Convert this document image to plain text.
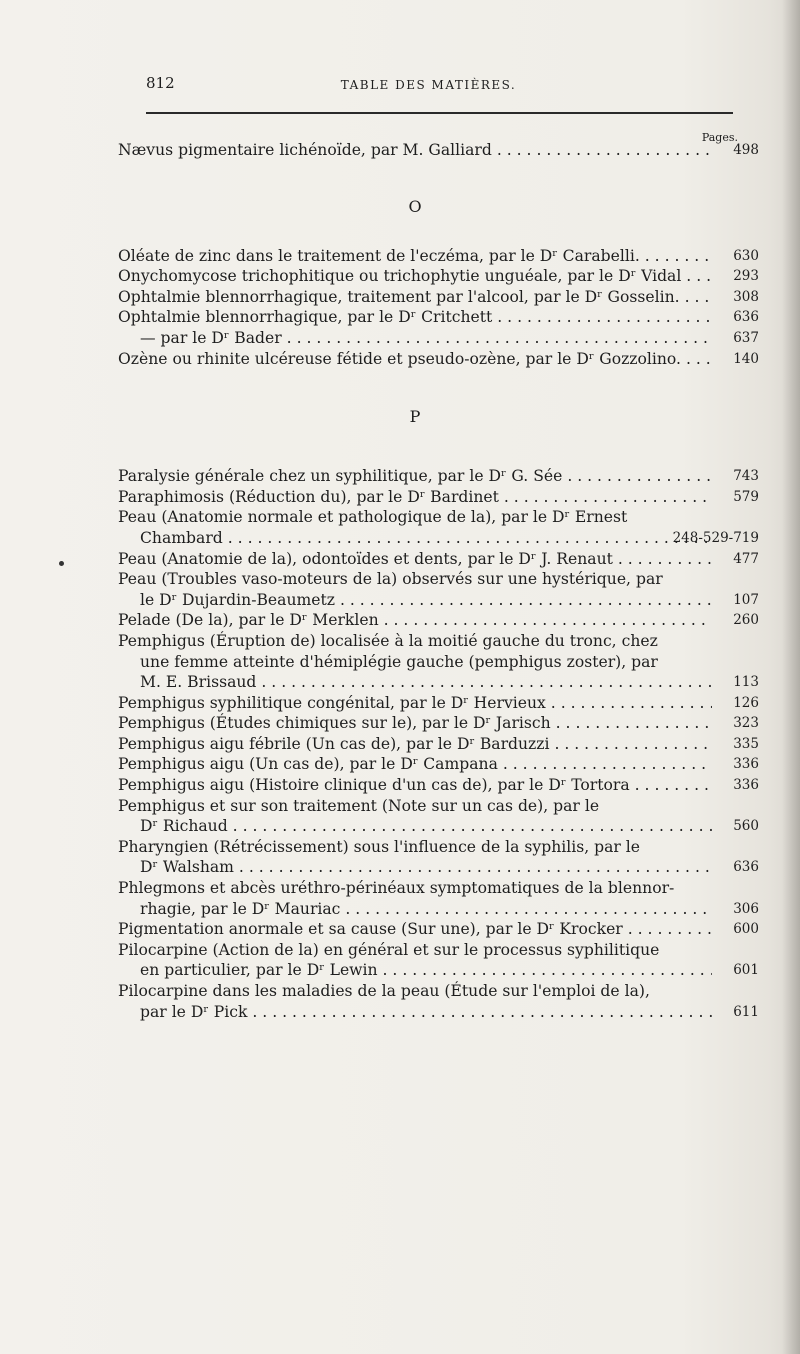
812	TABLE DES MATIÈRES.
Pages.
Nævus pigmentaire lichénoïde, par M. Galliard . . .	498
O
Oléate de zinc dans le traitement de l'eczéma, par le Dʳ Carabelli. . . .	630
Onychomycose trichophitique ou trichophytie unguéale, par le Dʳ Vidal . . .	293
Ophtalmie blennorrhagique, traitement par l'alcool, par le Dʳ Gosselin. . . .	308
Ophtalmie blennorrhagique, par le Dʳ Critchett . . .	636
— par le Dʳ Bader . . .	637
Ozène ou rhinite ulcéreuse fétide et pseudo-ozène, par le Dʳ Gozzolino. . . .	140
P
Paralysie générale chez un syphilitique, par le Dʳ G. Sée . . .	743
Paraphimosis (Réduction du), par le Dʳ Bardinet . . .	579
Peau (Anatomie normale et pathologique de la), par le Dʳ Ernest
Chambard . . .	248-529-719
Peau (Anatomie de la), odontoïdes et dents, par le Dʳ J. Renaut . . .	477
Peau (Troubles vaso-moteurs de la) observés sur une hystérique, par
le Dʳ Dujardin-Beaumetz . . .	107
Pelade (De la), par le Dʳ Merklen . . .	260
Pemphigus (Éruption de) localisée à la moitié gauche du tronc, chez
une femme atteinte d'hémiplégie gauche (pemphigus zoster), par
M. E. Brissaud . . .	113
Pemphigus syphilitique congénital, par le Dʳ Hervieux . . .	126
Pemphigus (Études chimiques sur le), par le Dʳ Jarisch . . .	323
Pemphigus aigu fébrile (Un cas de), par le Dʳ Barduzzi . . .	335
Pemphigus aigu (Un cas de), par le Dʳ Campana . . .	336
Pemphigus aigu (Histoire clinique d'un cas de), par le Dʳ Tortora . . .	336
Pemphigus et sur son traitement (Note sur un cas de), par le
Dʳ Richaud . . .	560
Pharyngien (Rétrécissement) sous l'influence de la syphilis, par le
Dʳ Walsham . . .	636
Phlegmons et abcès uréthro-périnéaux symptomatiques de la blennor-
rhagie, par le Dʳ Mauriac . . .	306
Pigmentation anormale et sa cause (Sur une), par le Dʳ Krocker . . .	600
Pilocarpine (Action de la) en général et sur le processus syphilitique
en particulier, par le Dʳ Lewin . . .	601
Pilocarpine dans les maladies de la peau (Étude sur l'emploi de la),
par le Dʳ Pick . . .	611
